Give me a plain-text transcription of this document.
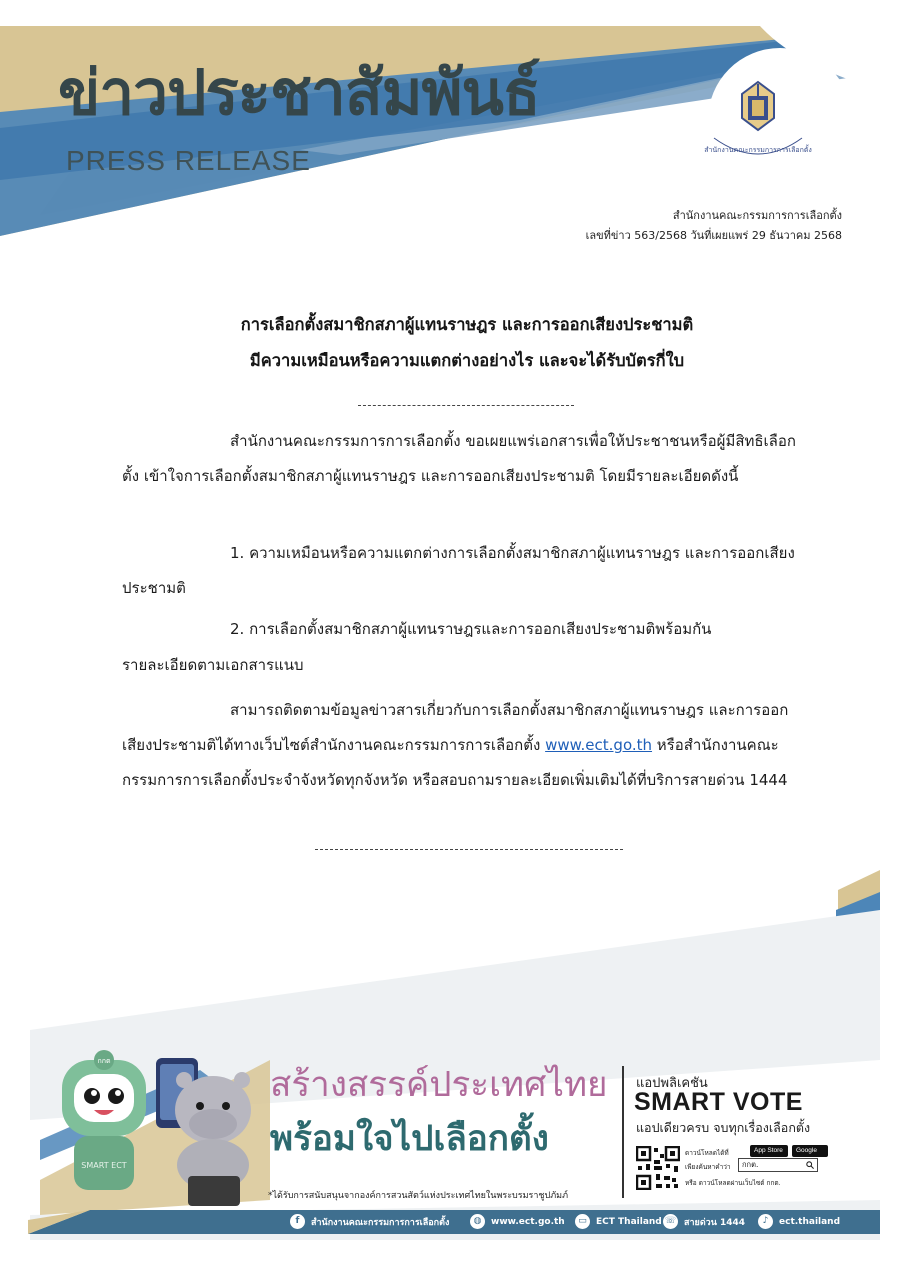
ข่าวประชาสัมพันธ์
PRESS RELEASE	สำนักงานคณะกรรมการการเลือกตั้ง
สำนักงานคณะกรรมการการเลือกตั้ง
เลขที่ข่าว 563/2568 วันที่เผยแพร่ 29 ธันวาคม 2568
การเลือกตั้งสมาชิกสภาผู้แทนราษฎร และการออกเสียงประชามติ
มีความเหมือนหรือความแตกต่างอย่างไร และจะได้รับบัตรกี่ใบ
สำนักงานคณะกรรมการการเลือกตั้ง ขอเผยแพร่เอกสารเพื่อให้ประชาชนหรือผู้มีสิทธิเลือกตั้ง เข้าใจการเลือกตั้งสมาชิกสภาผู้แทนราษฎร และการออกเสียงประชามติ โดยมีรายละเอียดดังนี้
1. ความเหมือนหรือความแตกต่างการเลือกตั้งสมาชิกสภาผู้แทนราษฎร และการออกเสียงประชามติ
2. การเลือกตั้งสมาชิกสภาผู้แทนราษฎรและการออกเสียงประชามติพร้อมกัน
รายละเอียดตามเอกสารแนบ
สามารถติดตามข้อมูลข่าวสารเกี่ยวกับการเลือกตั้งสมาชิกสภาผู้แทนราษฎร และการออกเสียงประชามติได้ทางเว็บไซต์สำนักงานคณะกรรมการการเลือกตั้ง www.ect.go.th หรือสำนักงานคณะกรรมการการเลือกตั้งประจำจังหวัดทุกจังหวัด หรือสอบถามรายละเอียดเพิ่มเติมได้ที่บริการสายด่วน 1444
กกต
SMART ECT
สร้างสรรค์ประเทศไทย
พร้อมใจไปเลือกตั้ง
*ได้รับการสนับสนุนจากองค์การสวนสัตว์แห่งประเทศไทยในพระบรมราชูปภัมภ์
แอปพลิเคชัน
SMART VOTE
แอปเดียวครบ จบทุกเรื่องเลือกตั้ง
ดาวน์โหลดได้ที่	App Store	Google
เพียงค้นหาคำว่า	กกต.
หรือ ดาวน์โหลดผ่านเว็บไซต์ กกต.
f	สำนักงานคณะกรรมการการเลือกตั้ง	◍	www.ect.go.th	▭	ECT Thailand ☏ สายด่วน 1444	♪	ect.thailand
